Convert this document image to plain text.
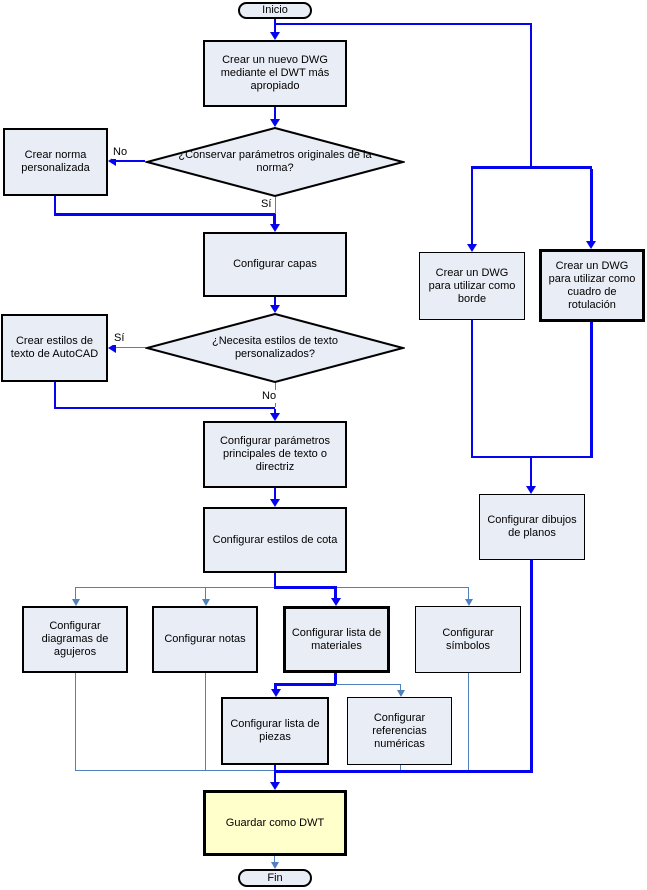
No
Sí
Sí
No
Inicio
Crear un nuevo DWG mediante el DWT más apropiado
¿Conservar parámetros originales de la norma?
Crear norma personalizada
Configurar capas
¿Necesita estilos de texto personalizados?
Crear estilos de texto de AutoCAD
Configurar parámetros principales de texto o directriz
Configurar estilos de cota
Configurar diagramas de agujeros
Configurar notas
Configurar lista de materiales
Configurar símbolos
Configurar lista de piezas
Configurar referencias numéricas
Crear un DWG para utilizar como borde
Crear un DWG para utilizar como cuadro de rotulación
Configurar dibujos de planos
Guardar como DWT
Fin
